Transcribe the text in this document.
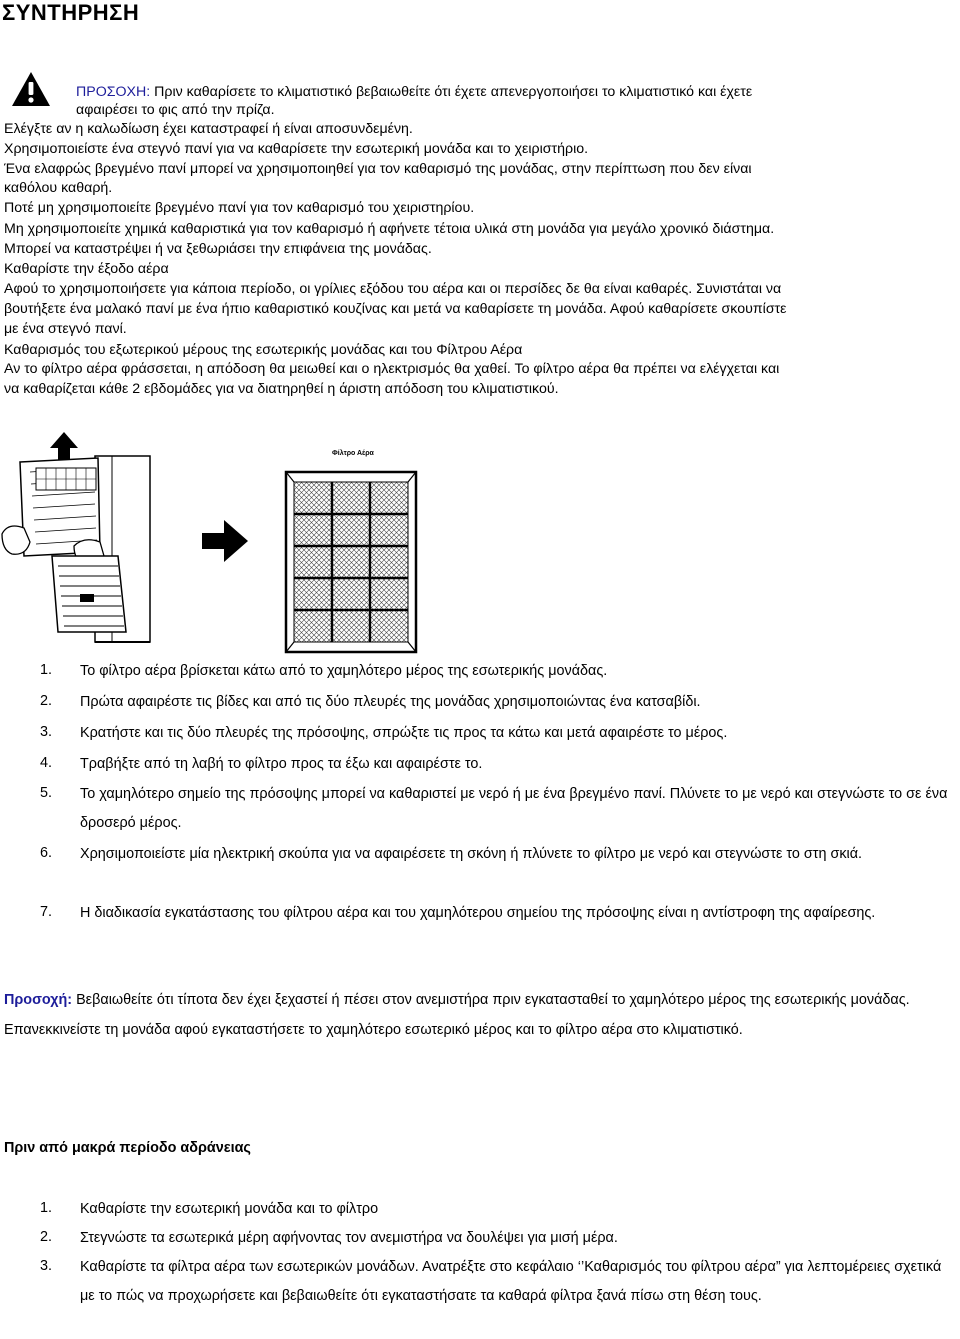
ΣΥΝΤΗΡΗΣΗ
ΠΡΟΣΟΧΗ: Πριν καθαρίσετε το κλιματιστικό βεβαιωθείτε ότι έχετε απενεργοποιήσει το κλιματιστικό και έχετε
αφαιρέσει το φις από την πρίζα.
Ελέγξτε αν η καλωδίωση έχει καταστραφεί ή είναι αποσυνδεμένη.
Χρησιμοποιείστε ένα στεγνό πανί για να καθαρίσετε την εσωτερική μονάδα και το χειριστήριο.
Ένα ελαφρώς βρεγμένο πανί μπορεί να χρησιμοποιηθεί για τον καθαρισμό της μονάδας, στην περίπτωση που δεν είναι
καθόλου καθαρή.
Ποτέ μη χρησιμοποιείτε βρεγμένο πανί για τον καθαρισμό του χειριστηρίου.
Μη χρησιμοποιείτε χημικά καθαριστικά για τον καθαρισμό ή αφήνετε τέτοια υλικά στη μονάδα για μεγάλο χρονικό διάστημα.
Μπορεί να καταστρέψει ή να ξεθωριάσει την επιφάνεια της μονάδας.
Καθαρίστε την έξοδο αέρα
Αφού το χρησιμοποιήσετε για κάποια περίοδο, οι γρίλιες εξόδου του αέρα και οι περσίδες δε θα είναι καθαρές. Συνιστάται να
βουτήξετε ένα μαλακό πανί με ένα ήπιο καθαριστικό κουζίνας και μετά να καθαρίσετε τη μονάδα. Αφού καθαρίσετε σκουπίστε
με ένα στεγνό πανί.
Καθαρισμός του εξωτερικού μέρους της εσωτερικής μονάδας και του Φίλτρου Αέρα
Αν το φίλτρο αέρα φράσσεται, η απόδοση θα μειωθεί και ο ηλεκτρισμός θα χαθεί. Το φίλτρο αέρα θα πρέπει να ελέγχεται και
να καθαρίζεται κάθε 2 εβδομάδες για να διατηρηθεί η άριστη απόδοση του κλιματιστικού.
Φίλτρο Αέρα
1. Το φίλτρο αέρα βρίσκεται κάτω από το χαμηλότερο μέρος της εσωτερικής μονάδας.
2. Πρώτα αφαιρέστε τις βίδες και από τις δύο πλευρές της μονάδας χρησιμοποιώντας ένα κατσαβίδι.
3. Κρατήστε και τις δύο πλευρές της πρόσοψης, σπρώξτε τις προς τα κάτω και μετά αφαιρέστε το μέρος.
4. Τραβήξτε από τη λαβή το φίλτρο προς τα έξω και αφαιρέστε το.
5. Το χαμηλότερο σημείο της πρόσοψης μπορεί να καθαριστεί με νερό ή με ένα βρεγμένο πανί. Πλύνετε το με νερό και στεγνώστε το σε ένα δροσερό μέρος.
6. Χρησιμοποιείστε μία ηλεκτρική σκούπα για να αφαιρέσετε τη σκόνη ή πλύνετε το φίλτρο με νερό και στεγνώστε το στη σκιά.
7. Η διαδικασία εγκατάστασης του φίλτρου αέρα και του χαμηλότερου σημείου της πρόσοψης είναι η αντίστροφη της αφαίρεσης.
Προσοχή: Βεβαιωθείτε ότι τίποτα δεν έχει ξεχαστεί ή πέσει στον ανεμιστήρα πριν εγκατασταθεί το χαμηλότερο μέρος της εσωτερικής μονάδας. Επανεκκινείστε τη μονάδα αφού εγκαταστήσετε το χαμηλότερο εσωτερικό μέρος και το φίλτρο αέρα στο κλιματιστικό.
Πριν από μακρά περίοδο αδράνειας
1. Καθαρίστε την εσωτερική μονάδα και το φίλτρο
2. Στεγνώστε τα εσωτερικά μέρη αφήνοντας τον ανεμιστήρα να δουλέψει για μισή μέρα.
3. Καθαρίστε τα φίλτρα αέρα των εσωτερικών μονάδων. Ανατρέξτε στο κεφάλαιο ‘’Καθαρισμός του φίλτρου αέρα” για λεπτομέρειες σχετικά με το πώς να προχωρήσετε και βεβαιωθείτε ότι εγκαταστήσατε τα καθαρά φίλτρα ξανά πίσω στη θέση τους.
